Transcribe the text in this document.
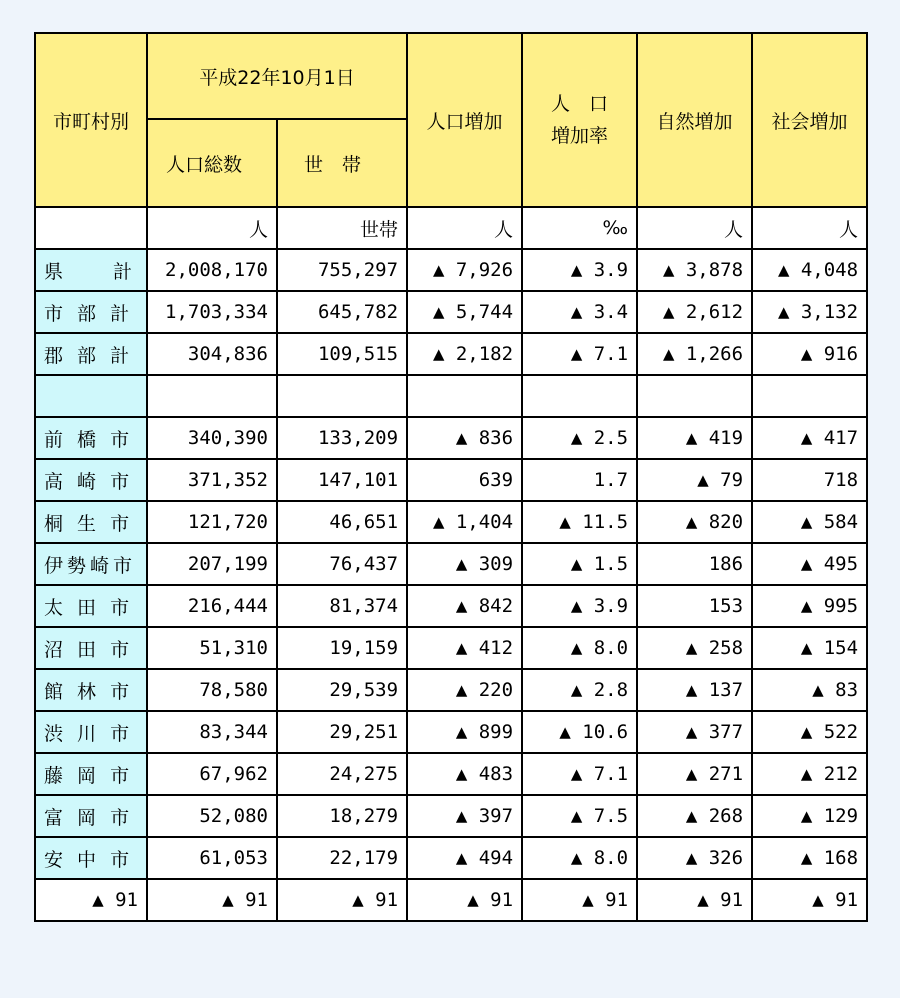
市町村別	平成22年10月1日		人口増加	人　口
増加率	自然増加	社会増加
	人口総数	世　帯				
	人	世帯	人	‰	人	人
県　　計	2,008,170	755,297	▲ 7,926	▲ 3.9	▲ 3,878	▲ 4,048
市 部 計	1,703,334	645,782	▲ 5,744	▲ 3.4	▲ 2,612	▲ 3,132
郡 部 計	304,836	109,515	▲ 2,182	▲ 7.1	▲ 1,266	▲ 916

前 橋 市	340,390	133,209	▲ 836	▲ 2.5	▲ 419	▲ 417
高 崎 市	371,352	147,101	639	1.7	▲ 79	718
桐 生 市	121,720	46,651	▲ 1,404	▲ 11.5	▲ 820	▲ 584
伊勢崎市	207,199	76,437	▲ 309	▲ 1.5	186	▲ 495
太 田 市	216,444	81,374	▲ 842	▲ 3.9	153	▲ 995
沼 田 市	51,310	19,159	▲ 412	▲ 8.0	▲ 258	▲ 154
館 林 市	78,580	29,539	▲ 220	▲ 2.8	▲ 137	▲ 83
渋 川 市	83,344	29,251	▲ 899	▲ 10.6	▲ 377	▲ 522
藤 岡 市	67,962	24,275	▲ 483	▲ 7.1	▲ 271	▲ 212
富 岡 市	52,080	18,279	▲ 397	▲ 7.5	▲ 268	▲ 129
安 中 市	61,053	22,179	▲ 494	▲ 8.0	▲ 326	▲ 168
▲ 91	▲ 91	▲ 91	▲ 91	▲ 91	▲ 91	▲ 91
